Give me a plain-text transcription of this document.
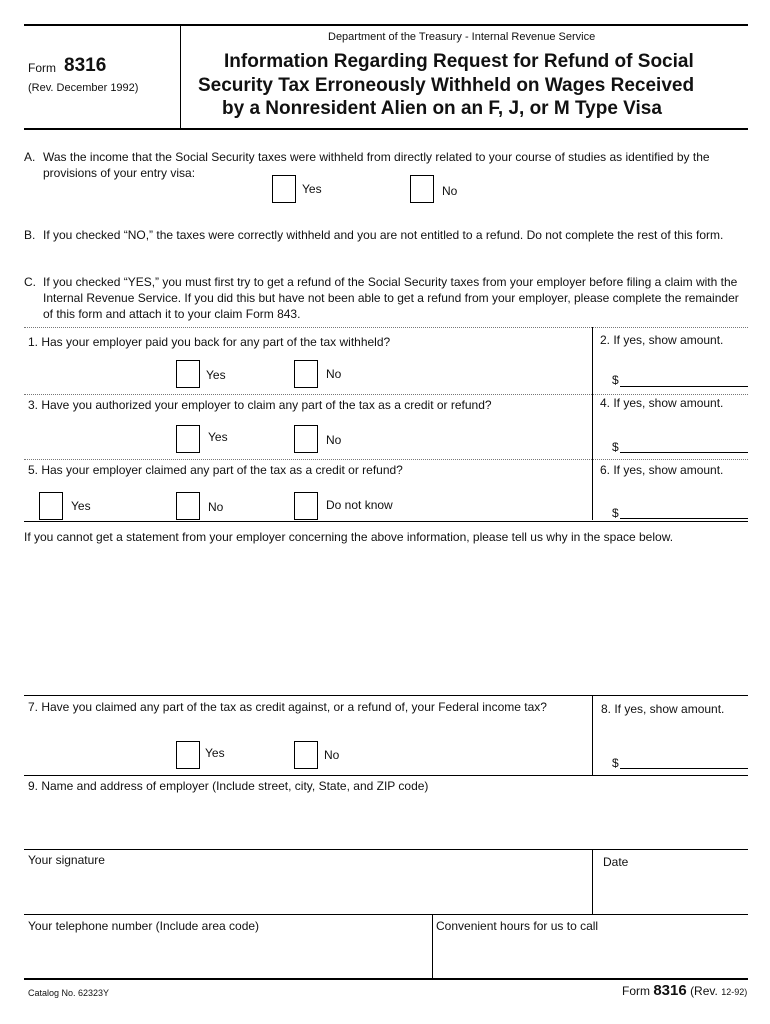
Form 8316
(Rev. December 1992)
Department of the Treasury - Internal Revenue Service
Information Regarding Request for Refund of Social
Security Tax Erroneously Withheld on Wages Received
by a Nonresident Alien on an F, J, or M Type Visa
A. Was the income that the Social Security taxes were withheld from directly related to your course of studies as identified by the provisions of your entry visa:
Yes	No
B. If you checked “NO,” the taxes were correctly withheld and you are not entitled to a refund. Do not complete the rest of this form.
C. If you checked “YES,” you must first try to get a refund of the Social Security taxes from your employer before filing a claim with the Internal Revenue Service. If you did this but have not been able to get a refund from your employer, please complete the remainder of this form and attach it to your claim Form 843.
1. Has your employer paid you back for any part of the tax withheld?
Yes	No
2. If yes, show amount.
$
3. Have you authorized your employer to claim any part of the tax as a credit or refund?
Yes	No
4. If yes, show amount.
$
5. Has your employer claimed any part of the tax as a credit or refund?
Yes	No	Do not know
6. If yes, show amount.
$
If you cannot get a statement from your employer concerning the above information, please tell us why in the space below.
7. Have you claimed any part of the tax as credit against, or a refund of, your Federal income tax?
Yes	No
8. If yes, show amount.
$
9. Name and address of employer (Include street, city, State, and ZIP code)
Your signature	Date
Your telephone number (Include area code)	Convenient hours for us to call
Catalog No. 62323Y	Form 8316 (Rev. 12-92)
